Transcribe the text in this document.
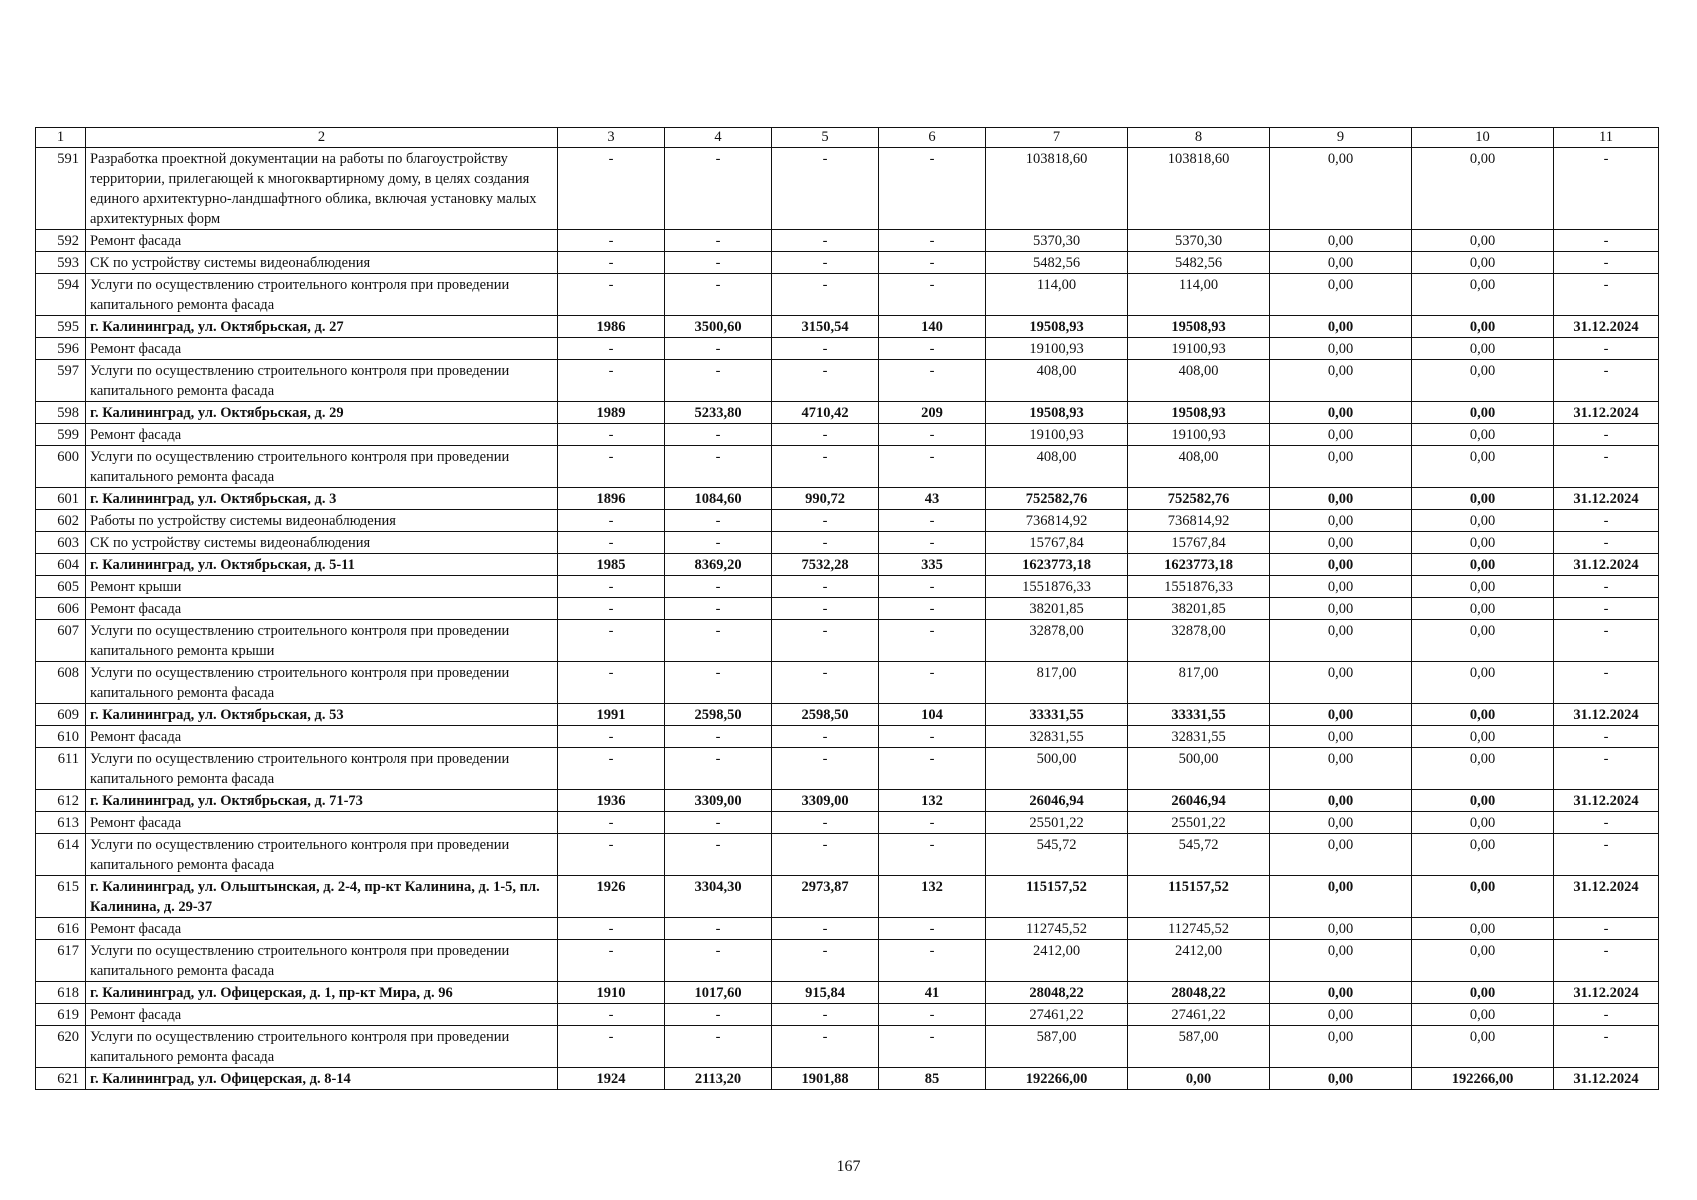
1	2	3	4	5	6	7	8	9	10	11
591	Разработка проектной документации на работы по благоустройству территории, прилегающей к многоквартирному дому, в целях создания единого архитектурно-ландшафтного облика, включая установку малых архитектурных форм	-	-	-	-	103818,60	103818,60	0,00	0,00	-
592	Ремонт фасада	-	-	-	-	5370,30	5370,30	0,00	0,00	-
593	СК по устройству системы видеонаблюдения	-	-	-	-	5482,56	5482,56	0,00	0,00	-
594	Услуги по осуществлению строительного контроля при проведении капитального ремонта фасада	-	-	-	-	114,00	114,00	0,00	0,00	-
595	г. Калининград, ул. Октябрьская, д. 27	1986	3500,60	3150,54	140	19508,93	19508,93	0,00	0,00	31.12.2024
596	Ремонт фасада	-	-	-	-	19100,93	19100,93	0,00	0,00	-
597	Услуги по осуществлению строительного контроля при проведении капитального ремонта фасада	-	-	-	-	408,00	408,00	0,00	0,00	-
598	г. Калининград, ул. Октябрьская, д. 29	1989	5233,80	4710,42	209	19508,93	19508,93	0,00	0,00	31.12.2024
599	Ремонт фасада	-	-	-	-	19100,93	19100,93	0,00	0,00	-
600	Услуги по осуществлению строительного контроля при проведении капитального ремонта фасада	-	-	-	-	408,00	408,00	0,00	0,00	-
601	г. Калининград, ул. Октябрьская, д. 3	1896	1084,60	990,72	43	752582,76	752582,76	0,00	0,00	31.12.2024
602	Работы по устройству системы видеонаблюдения	-	-	-	-	736814,92	736814,92	0,00	0,00	-
603	СК по устройству системы видеонаблюдения	-	-	-	-	15767,84	15767,84	0,00	0,00	-
604	г. Калининград, ул. Октябрьская, д. 5-11	1985	8369,20	7532,28	335	1623773,18	1623773,18	0,00	0,00	31.12.2024
605	Ремонт крыши	-	-	-	-	1551876,33	1551876,33	0,00	0,00	-
606	Ремонт фасада	-	-	-	-	38201,85	38201,85	0,00	0,00	-
607	Услуги по осуществлению строительного контроля при проведении капитального ремонта крыши	-	-	-	-	32878,00	32878,00	0,00	0,00	-
608	Услуги по осуществлению строительного контроля при проведении капитального ремонта фасада	-	-	-	-	817,00	817,00	0,00	0,00	-
609	г. Калининград, ул. Октябрьская, д. 53	1991	2598,50	2598,50	104	33331,55	33331,55	0,00	0,00	31.12.2024
610	Ремонт фасада	-	-	-	-	32831,55	32831,55	0,00	0,00	-
611	Услуги по осуществлению строительного контроля при проведении капитального ремонта фасада	-	-	-	-	500,00	500,00	0,00	0,00	-
612	г. Калининград, ул. Октябрьская, д. 71-73	1936	3309,00	3309,00	132	26046,94	26046,94	0,00	0,00	31.12.2024
613	Ремонт фасада	-	-	-	-	25501,22	25501,22	0,00	0,00	-
614	Услуги по осуществлению строительного контроля при проведении капитального ремонта фасада	-	-	-	-	545,72	545,72	0,00	0,00	-
615	г. Калининград, ул. Ольштынская, д. 2-4, пр-кт Калинина, д. 1-5, пл. Калинина, д. 29-37	1926	3304,30	2973,87	132	115157,52	115157,52	0,00	0,00	31.12.2024
616	Ремонт фасада	-	-	-	-	112745,52	112745,52	0,00	0,00	-
617	Услуги по осуществлению строительного контроля при проведении капитального ремонта фасада	-	-	-	-	2412,00	2412,00	0,00	0,00	-
618	г. Калининград, ул. Офицерская, д. 1, пр-кт Мира, д. 96	1910	1017,60	915,84	41	28048,22	28048,22	0,00	0,00	31.12.2024
619	Ремонт фасада	-	-	-	-	27461,22	27461,22	0,00	0,00	-
620	Услуги по осуществлению строительного контроля при проведении капитального ремонта фасада	-	-	-	-	587,00	587,00	0,00	0,00	-
621	г. Калининград, ул. Офицерская, д. 8-14	1924	2113,20	1901,88	85	192266,00	0,00	0,00	192266,00	31.12.2024
167
